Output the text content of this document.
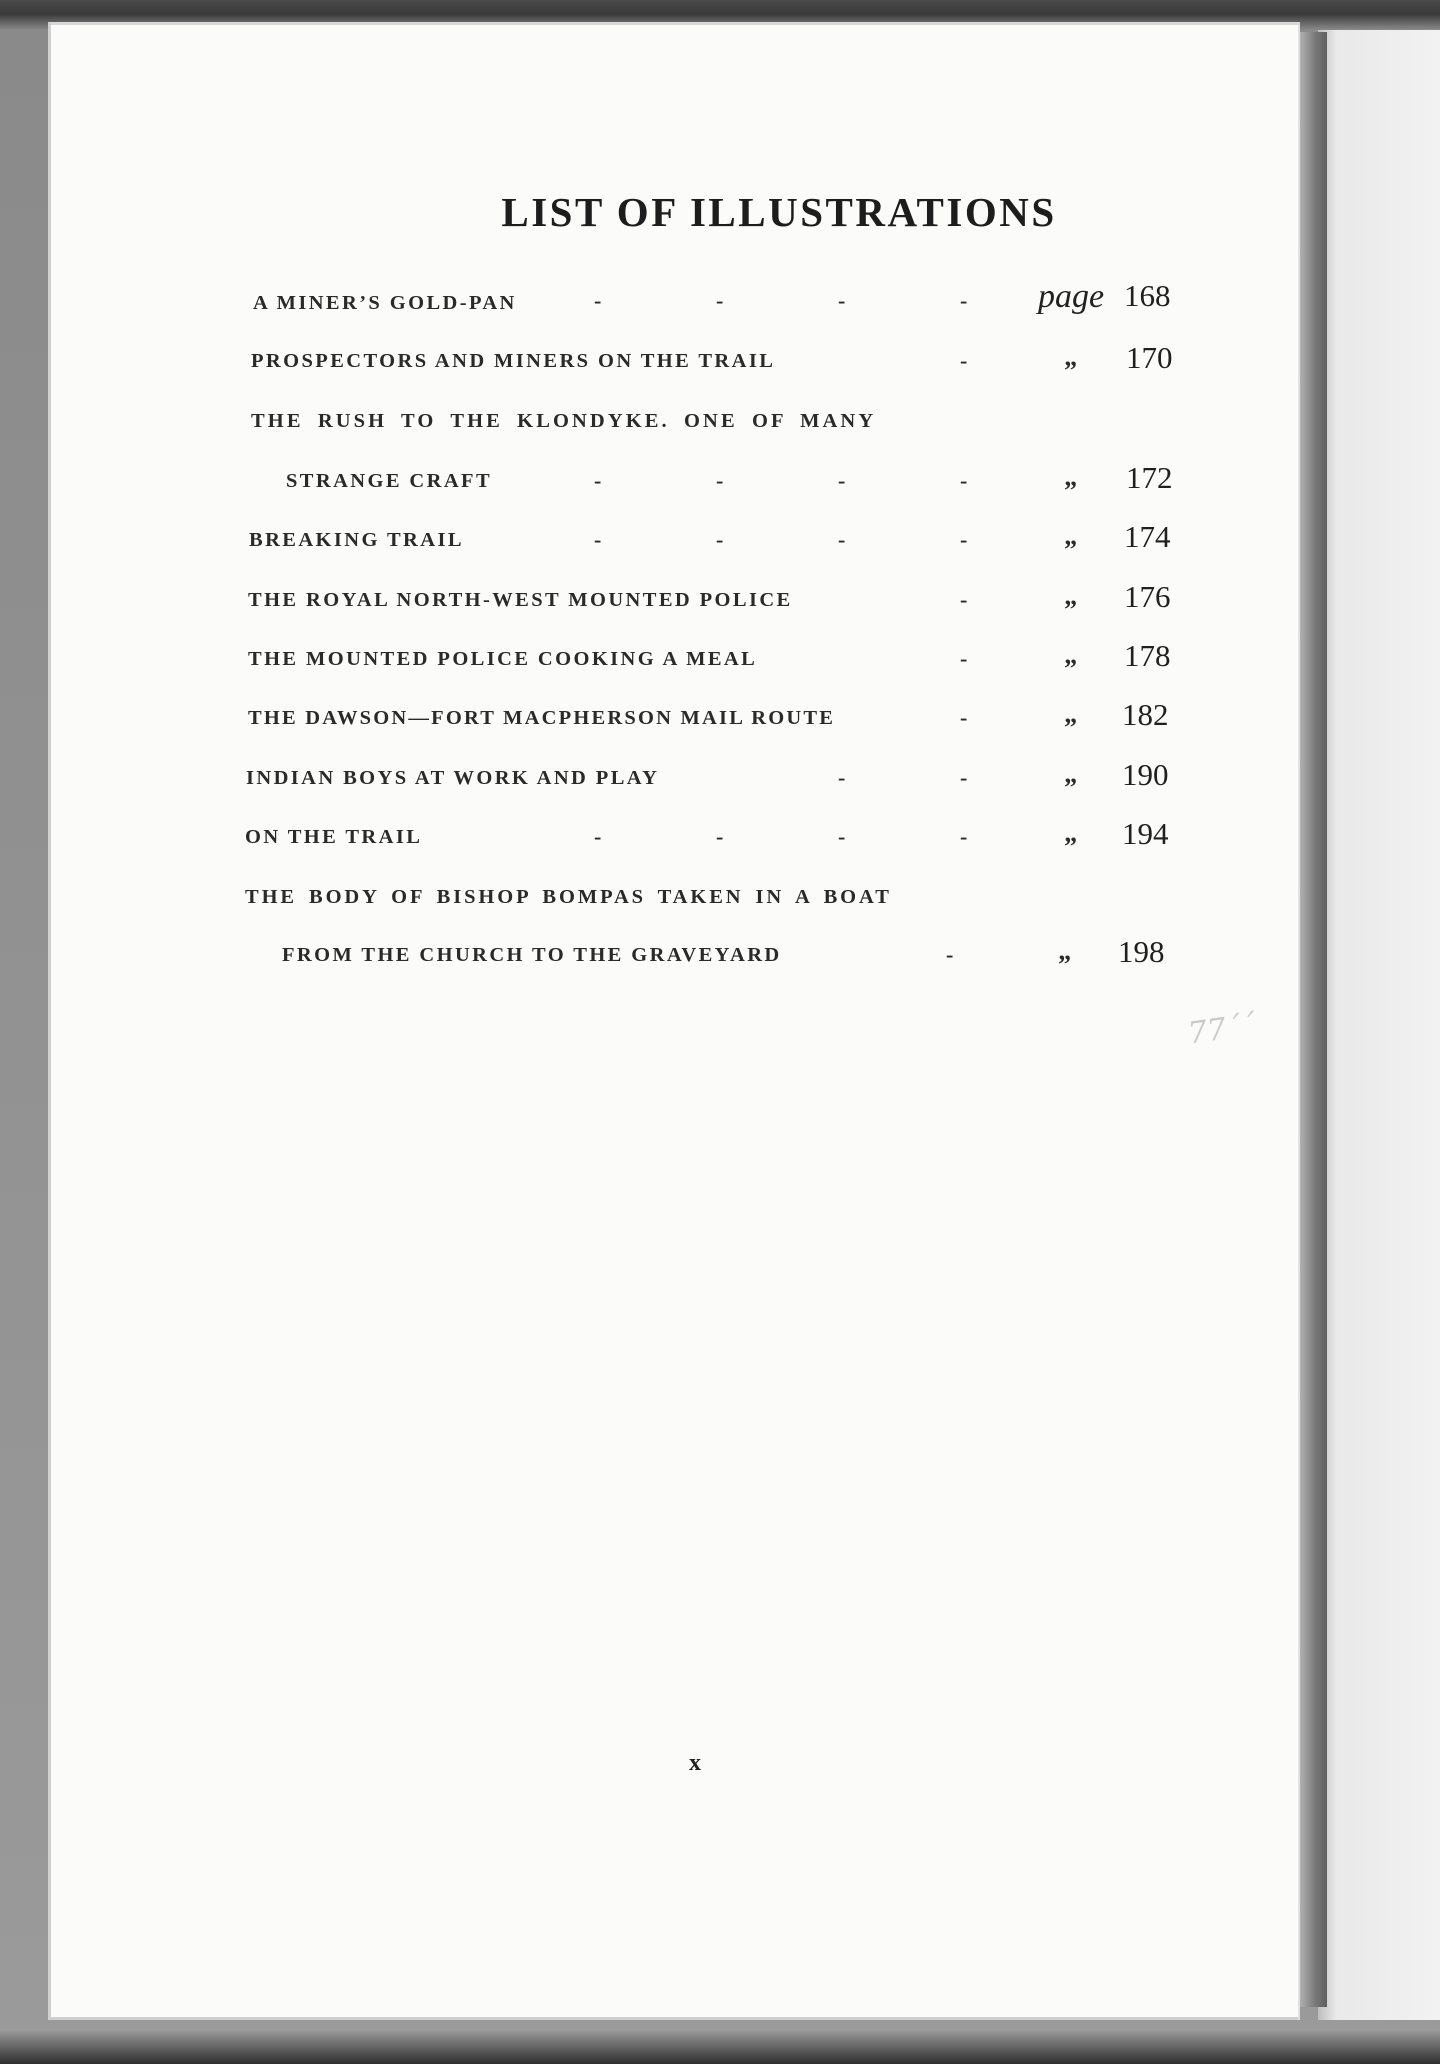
LIST OF ILLUSTRATIONS
A MINER’S GOLD-PAN	-	-	-	- page 168
PROSPECTORS AND MINERS ON THE TRAIL	-	” 170
THE RUSH TO THE KLONDYKE. ONE OF MANY
STRANGE CRAFT	-	-	-	-	” 172
BREAKING TRAIL	-	-	-	-	” 174
THE ROYAL NORTH-WEST MOUNTED POLICE	-	” 176
THE MOUNTED POLICE COOKING A MEAL	-	” 178
THE DAWSON—FORT MACPHERSON MAIL ROUTE	-	” 182
INDIAN BOYS AT WORK AND PLAY	-	-	” 190
ON THE TRAIL	-	-	-	-	” 194
THE BODY OF BISHOP BOMPAS TAKEN IN A BOAT
FROM THE CHURCH TO THE GRAVEYARD	-	” 198
77´´
x
